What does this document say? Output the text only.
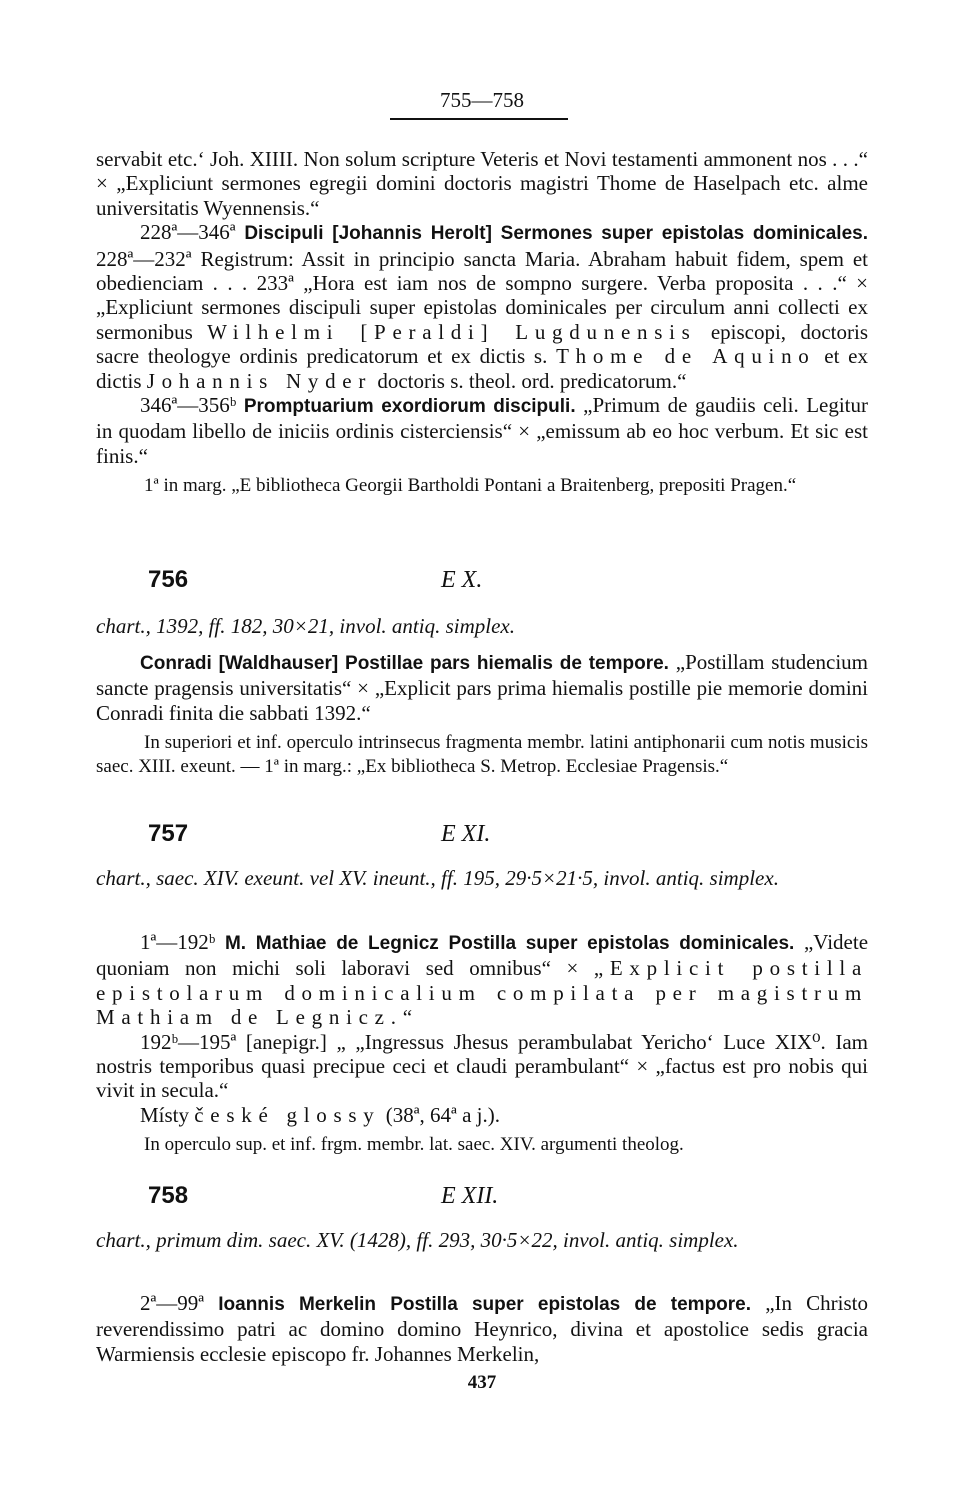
755—758
servabit etc.‘ Joh. XIIII. Non solum scripture Veteris et Novi testamenti ammonent nos . . .“ × „Expliciunt sermones egregii domini doctoris magistri Thome de Haselpach etc. alme universitatis Wyennensis.“
228ª—346ª Discipuli [Johannis Herolt] Sermones super epistolas dominicales. 228ª—232ª Registrum: Assit in principio sancta Maria. Abraham habuit fidem, spem et obedienciam . . . 233ª „Hora est iam nos de sompno surgere. Verba proposita . . .“ × „Expliciunt sermones discipuli super epistolas dominicales per circulum anni collecti ex sermonibus Wilhelmi [Peraldi] Lugdunensis episcopi, doctoris sacre theologye ordinis predicatorum et ex dictis s. Thome de Aquino et ex dictis Johannis Nyder doctoris s. theol. ord. predicatorum.“
346ª—356ᵇ Promptuarium exordiorum discipuli. „Primum de gaudiis celi. Legitur in quodam libello de iniciis ordinis cisterciensis“ × „emissum ab eo hoc verbum. Et sic est finis.“
1ª in marg. „E bibliotheca Georgii Bartholdi Pontani a Braitenberg, prepositi Pragen.“
756	E X.
chart., 1392, ff. 182, 30×21, invol. antiq. simplex.
Conradi [Waldhauser] Postillae pars hiemalis de tempore. „Postillam studencium sancte pragensis universitatis“ × „Explicit pars prima hiemalis postille pie memorie domini Conradi finita die sabbati 1392.“
In superiori et inf. operculo intrinsecus fragmenta membr. latini antiphonarii cum notis musicis saec. XIII. exeunt. — 1ª in marg.: „Ex bibliotheca S. Metrop. Ecclesiae Pragensis.“
757	E XI.
chart., saec. XIV. exeunt. vel XV. ineunt., ff. 195, 29·5×21·5, invol. antiq. simplex.
1ª—192ᵇ M. Mathiae de Legnicz Postilla super epistolas dominicales. „Videte quoniam non michi soli laboravi sed omnibus“ × „Explicit postilla epistolarum dominicalium compilata per magistrum Mathiam de Legnicz.“
192ᵇ—195ª [anepigr.] „ „Ingressus Jhesus perambulabat Yericho‘ Luce XIX⁰. Iam nostris temporibus quasi precipue ceci et claudi perambulant“ × „factus est pro nobis qui vivit in secula.“
Místy české glossy (38ª, 64ª a j.).
In operculo sup. et inf. frgm. membr. lat. saec. XIV. argumenti theolog.
758	E XII.
chart., primum dim. saec. XV. (1428), ff. 293, 30·5×22, invol. antiq. simplex.
2ª—99ª Ioannis Merkelin Postilla super epistolas de tempore. „In Christo reverendissimo patri ac domino domino Heynrico, divina et apostolice sedis gracia Warmiensis ecclesie episcopo fr. Johannes Merkelin,
437
